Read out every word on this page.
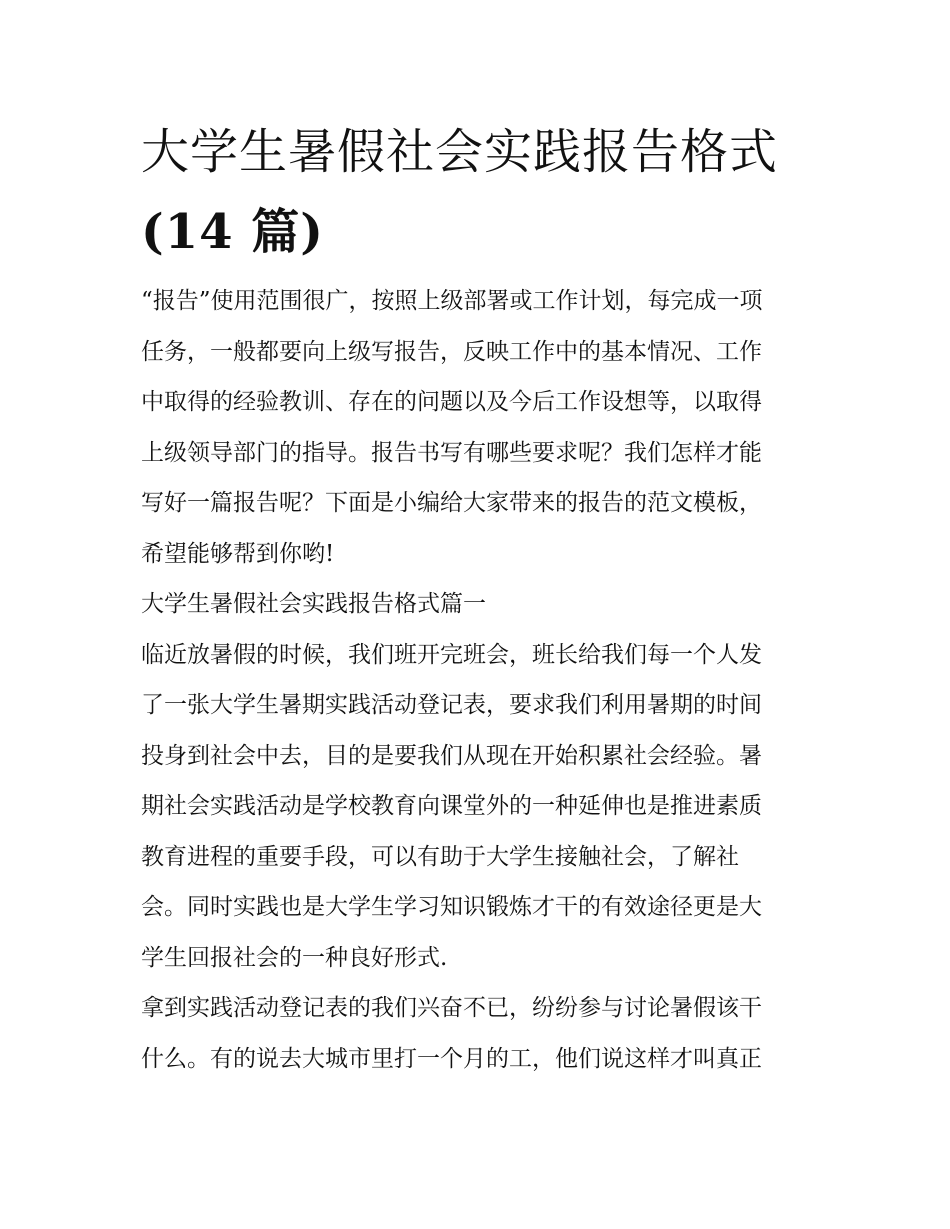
大学生暑假社会实践报告格式
(14 篇)

“报告”使用范围很广，按照上级部署或工作计划，每完成一项
任务，一般都要向上级写报告，反映工作中的基本情况、工作
中取得的经验教训、存在的问题以及今后工作设想等，以取得
上级领导部门的指导。报告书写有哪些要求呢？我们怎样才能
写好一篇报告呢？下面是小编给大家带来的报告的范文模板，
希望能够帮到你哟!

大学生暑假社会实践报告格式篇一

临近放暑假的时候，我们班开完班会，班长给我们每一个人发
了一张大学生暑期实践活动登记表，要求我们利用暑期的时间
投身到社会中去，目的是要我们从现在开始积累社会经验。暑
期社会实践活动是学校教育向课堂外的一种延伸也是推进素质
教育进程的重要手段，可以有助于大学生接触社会，了解社
会。同时实践也是大学生学习知识锻炼才干的有效途径更是大
学生回报社会的一种良好形式.

拿到实践活动登记表的我们兴奋不已，纷纷参与讨论暑假该干
什么。有的说去大城市里打一个月的工，他们说这样才叫真正
